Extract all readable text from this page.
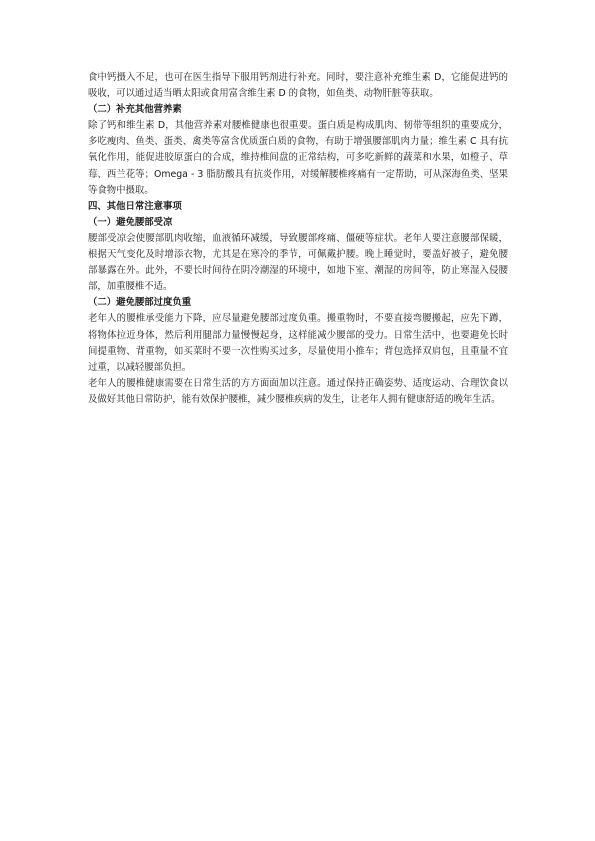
食中钙摄入不足，也可在医生指导下服用钙剂进行补充。同时，要注意补充维生素 D，它能促进钙的吸收，可以通过适当晒太阳或食用富含维生素 D 的食物，如鱼类、动物肝脏等获取。

（二）补充其他营养素

除了钙和维生素 D，其他营养素对腰椎健康也很重要。蛋白质是构成肌肉、韧带等组织的重要成分，多吃瘦肉、鱼类、蛋类、禽类等富含优质蛋白质的食物，有助于增强腰部肌肉力量；维生素 C 具有抗氧化作用，能促进胶原蛋白的合成，维持椎间盘的正常结构，可多吃新鲜的蔬菜和水果，如橙子、草莓、西兰花等；Omega - 3 脂肪酸具有抗炎作用，对缓解腰椎疼痛有一定帮助，可从深海鱼类、坚果等食物中摄取。

四、其他日常注意事项

（一）避免腰部受凉

腰部受凉会使腰部肌肉收缩，血液循环减缓，导致腰部疼痛、僵硬等症状。老年人要注意腰部保暖，根据天气变化及时增添衣物，尤其是在寒冷的季节，可佩戴护腰。晚上睡觉时，要盖好被子，避免腰部暴露在外。此外，不要长时间待在阴冷潮湿的环境中，如地下室、潮湿的房间等，防止寒湿入侵腰部，加重腰椎不适。

（二）避免腰部过度负重

老年人的腰椎承受能力下降，应尽量避免腰部过度负重。搬重物时，不要直接弯腰搬起，应先下蹲，将物体拉近身体，然后利用腿部力量慢慢起身，这样能减少腰部的受力。日常生活中，也要避免长时间提重物、背重物，如买菜时不要一次性购买过多，尽量使用小推车；背包选择双肩包，且重量不宜过重，以减轻腰部负担。

老年人的腰椎健康需要在日常生活的方方面面加以注意。通过保持正确姿势、适度运动、合理饮食以及做好其他日常防护，能有效保护腰椎，减少腰椎疾病的发生，让老年人拥有健康舒适的晚年生活。
